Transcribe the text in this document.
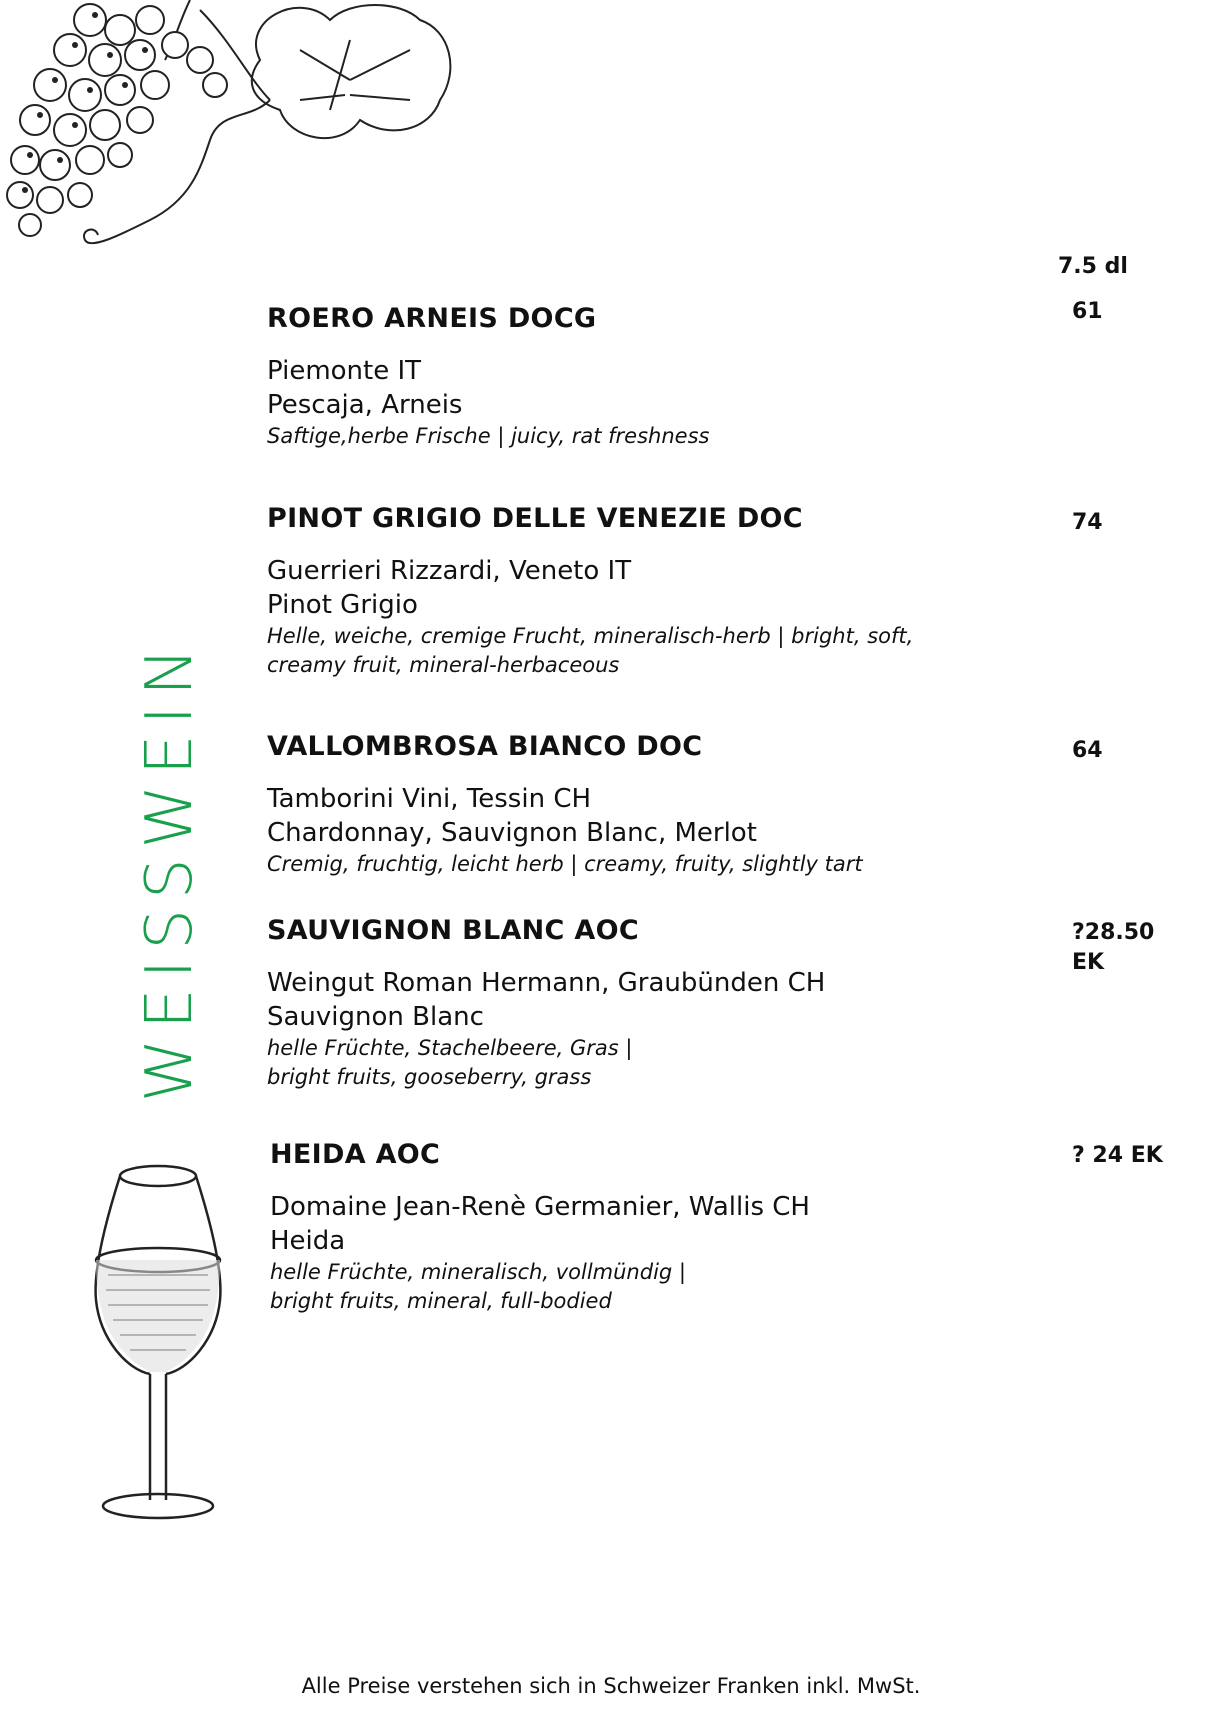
WEISSWEIN
7.5 dl
ROERO ARNEIS DOCG
Piemonte IT
Pescaja, Arneis
Saftige,herbe Frische | juicy, rat freshness
61
PINOT GRIGIO DELLE VENEZIE DOC
Guerrieri Rizzardi, Veneto IT
Pinot Grigio
Helle, weiche, cremige Frucht, mineralisch-herb | bright, soft, creamy fruit, mineral-herbaceous
74
VALLOMBROSA BIANCO DOC
Tamborini Vini, Tessin CH
Chardonnay, Sauvignon Blanc, Merlot
Cremig, fruchtig, leicht herb | creamy, fruity, slightly tart
64
SAUVIGNON BLANC AOC
Weingut Roman Hermann, Graubünden CH
Sauvignon Blanc
helle Früchte, Stachelbeere, Gras | bright fruits, gooseberry, grass
?28.50 EK
HEIDA AOC
Domaine Jean-Renè Germanier, Wallis CH
Heida
helle Früchte, mineralisch, vollmündig | bright fruits, mineral, full-bodied
? 24 EK
Alle Preise verstehen sich in Schweizer Franken inkl. MwSt.
